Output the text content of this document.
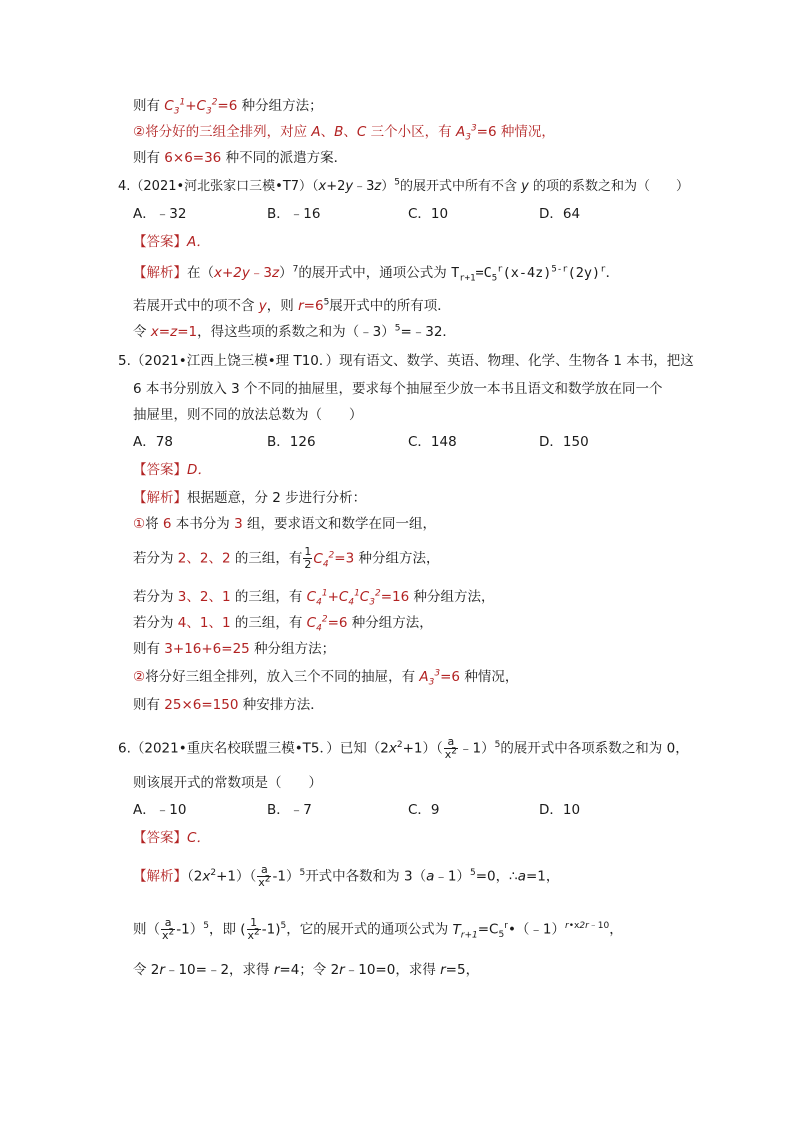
则有 $C_3^1+C_3^2=6$ 种分组方法；
②将分好的三组全排列，对应 A、B、C 三个小区，有 $A_3^3=6$ 种情况，
则有 6×6=36 种不同的派遣方案．
4.（2021•河北张家口三模•T7）（x+2y﹣3z）$^5$的展开式中所有不含 y 的项的系数之和为（　　）
A．﹣32	B．﹣16	C．10	D．64
【答案】A．
【解析】在（x+2y﹣3z）$^7$的展开式中，通项公式为 $T_{r+1}=C_5^r(x-4z)^{5-r}(2y)^r$．
若展开式中的项不含 y，则 $r=6^5$展开式中的所有项．
令 x=z=1，得这些项的系数之和为（﹣3）$^5$=﹣32．
5.（2021•江西上饶三模•理 T10．）现有语文、数学、英语、物理、化学、生物各 1 本书，把这
6 本书分别放入 3 个不同的抽屉里，要求每个抽屉至少放一本书且语文和数学放在同一个
抽屉里，则不同的放法总数为（　　）
A．78	B．126	C．148	D．150
【答案】D．
【解析】根据题意，分 2 步进行分析：
①将 6 本书分为 3 组，要求语文和数学在同一组，
若分为 2、2、2 的三组，有 $\frac{1}{2} C_4^2=3$ 种分组方法，
若分为 3、2、1 的三组，有 $C_4^1+C_4^1C_3^2=16$ 种分组方法，
若分为 4、1、1 的三组，有 $C_4^2=6$ 种分组方法，
则有 3+16+6=25 种分组方法；
②将分好三组全排列，放入三个不同的抽屉，有 $A_3^3=6$ 种情况，
则有 25×6=150 种安排方法．
6.（2021•重庆名校联盟三模•T5．）已知$(2x^2+1)( \frac{a}{x^2}$ ﹣1）$^5$的展开式中各项系数之和为 0，
则该展开式的常数项是（　　）
A．﹣10	B．﹣7	C．9	D．10
【答案】C．
【解析】$(2x^2+1)( \frac{a}{x^2} -1)^5$开式中各数和为 3（a﹣1）$^5$=0，∴a=1，
则（ $\frac{a}{x^2} -1)^5$，即 ( $\frac{1}{x^2} -1)^5$，它的展开式的通项公式为 $T_{r+1}=C_5^r•(﹣1)^{r•x2r﹣10}$，
令 2r﹣10=﹣2，求得 r=4；令 2r﹣10=0，求得 r=5，
